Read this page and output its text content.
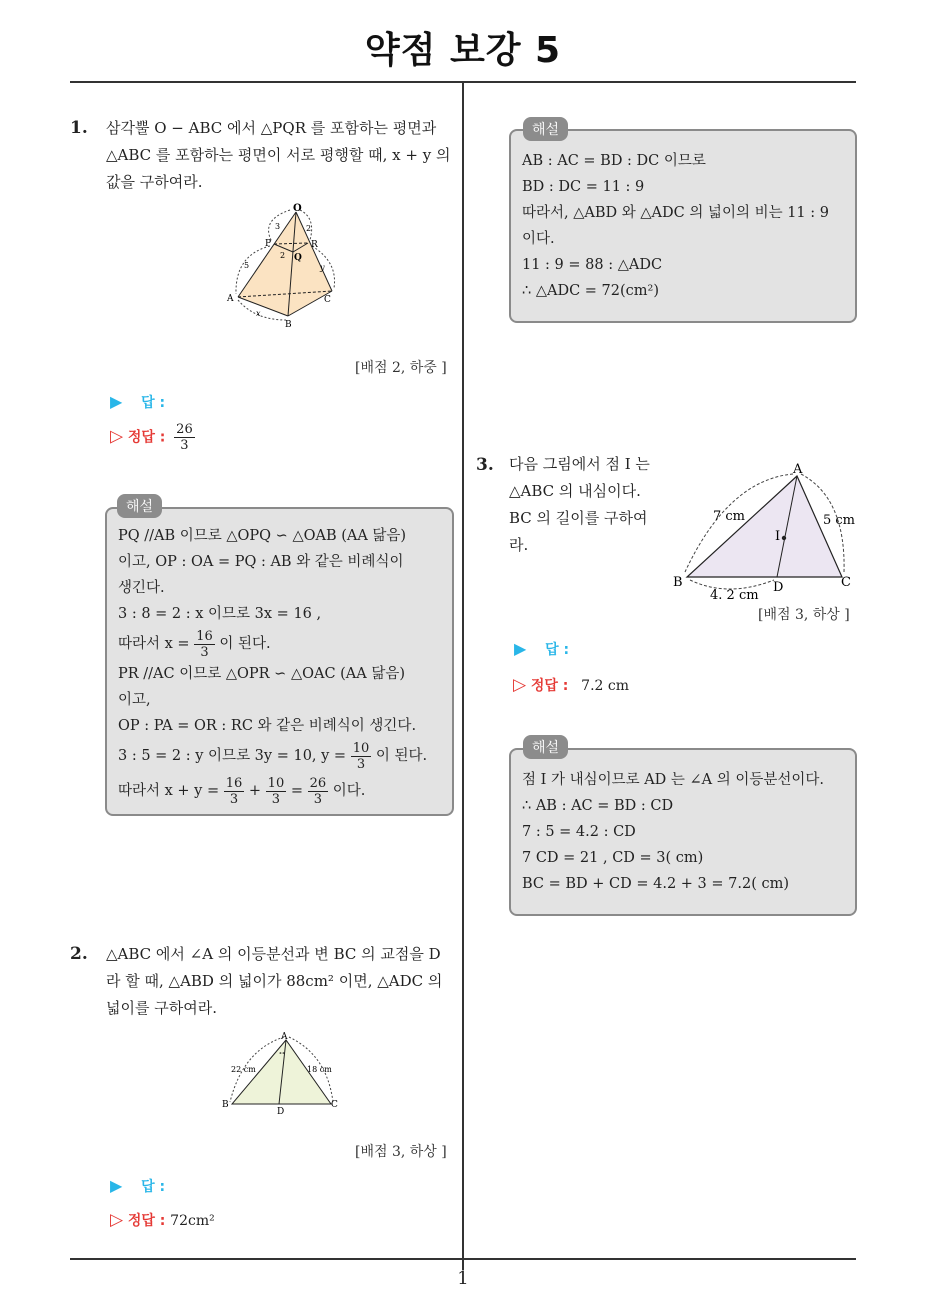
약점 보강 5
1
1. 삼각뿔 O − ABC 에서 △PQR 를 포함하는 평면과
△ABC 를 포함하는 평면이 서로 평행할 때, x + y 의
값을 구하여라.
O
P
Q
R
A
B
C
3	2
2
5	y
x
[배점 2, 하중 ]
▶ 답 :
▷ 정답 : $\frac{26}{3}$
해설
PQ //AB 이므로 △OPQ ∽ △OAB (AA 닮음)
이고, OP : OA = PQ : AB 와 같은 비례식이
생긴다.
3 : 8 = 2 : x 이므로 3x = 16 ,
따라서 $x = \frac{16}{3}$ 이 된다.
PR //AC 이므로 △OPR ∽ △OAC (AA 닮음)
이고,
OP : PA = OR : RC 와 같은 비례식이 생긴다.
3 : 5 = 2 : y 이므로 3y = 10, $y = \frac{10}{3}$ 이 된다.
따라서 $x + y = \frac{16}{3} + \frac{10}{3} = \frac{26}{3}$ 이다.
2. △ABC 에서 ∠A 의 이등분선과 변 BC 의 교점을 D
라 할 때, △ABD 의 넓이가 88cm² 이면, △ADC 의
넓이를 구하여라.
A
B	C
D
22 cm	18 cm
∘∘
[배점 3, 하상 ]
▶ 답 :
▷ 정답 : 72cm²
해설
AB : AC = BD : DC 이므로
BD : DC = 11 : 9
따라서, △ABD 와 △ADC 의 넓이의 비는 11 : 9
이다.
11 : 9 = 88 : △ADC
∴ △ADC = 72(cm²)
3. 다음 그림에서 점 I 는
△ABC 의 내심이다.
BC 의 길이를 구하여
라.
A
B	C
D
I
7 cm	5 cm
4. 2 cm
[배점 3, 하상 ]
▶ 답 :
▷ 정답 : 7.2 cm
해설
점 I 가 내심이므로 AD 는 ∠A 의 이등분선이다.
∴ AB : AC = BD : CD
7 : 5 = 4.2 : CD
7 CD = 21 , CD = 3( cm)
BC = BD + CD = 4.2 + 3 = 7.2( cm)
